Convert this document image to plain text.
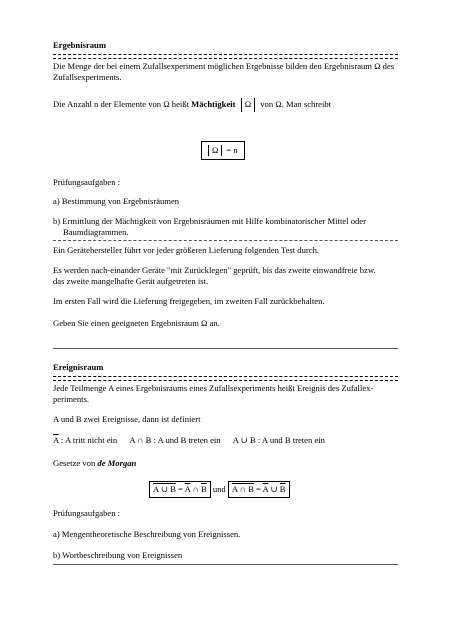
Ergebnisraum
Die Menge der bei einem Zufallsexperiment möglichen Ergebnisse bilden den Ergebnisraum Ω des Zufallsexperiments.
Die Anzahl n der Elemente von Ω heißt Mächtigkeit Ω von Ω. Man schreibt
Ω = n
Prüfungsaufgaben :
a) Bestimmung von Ergebnisräumen
b) Ermittlung der Mächtigkeit von Ergebnisräumen mit Hilfe kombinatorischer Mittel oder
Baumdiagrammen.
Ein Gerätehersteller führt vor jeder größeren Lieferung folgenden Test durch.
Es werden nach-einander Geräte "mit Zurücklegen" geprüft, bis das zweite einwandfreie bzw.
das zweite mangelhafte Gerät aufgetreten ist.
Im ersten Fall wird die Lieferung freigegeben, im zweiten Fall zurückbehalten.
Geben Sie einen geeigneten Ergebnisraum Ω an.
Ereignisraum
Jede Teilmenge A eines Ergebnisraums eines Zufallsexperiments heißt Ereignis des Zufallex-
periments.
A und B zwei Ereignisse, dann ist definiert
$\overline{A}$ : A tritt nicht ein A ∩ B : A und B treten ein A ∪ B : A und B treten ein
Gesetze von de Morgan
A ∪ $B = \overline{A}$ ∩ $\overline{B}$ und A ∩ $B = \overline{A}$ ∪ $\overline{B}$
Prüfungsaufgaben :
a) Mengentheoretische Beschreibung von Ereignissen.
b) Wortbeschreibung von Ereignissen
